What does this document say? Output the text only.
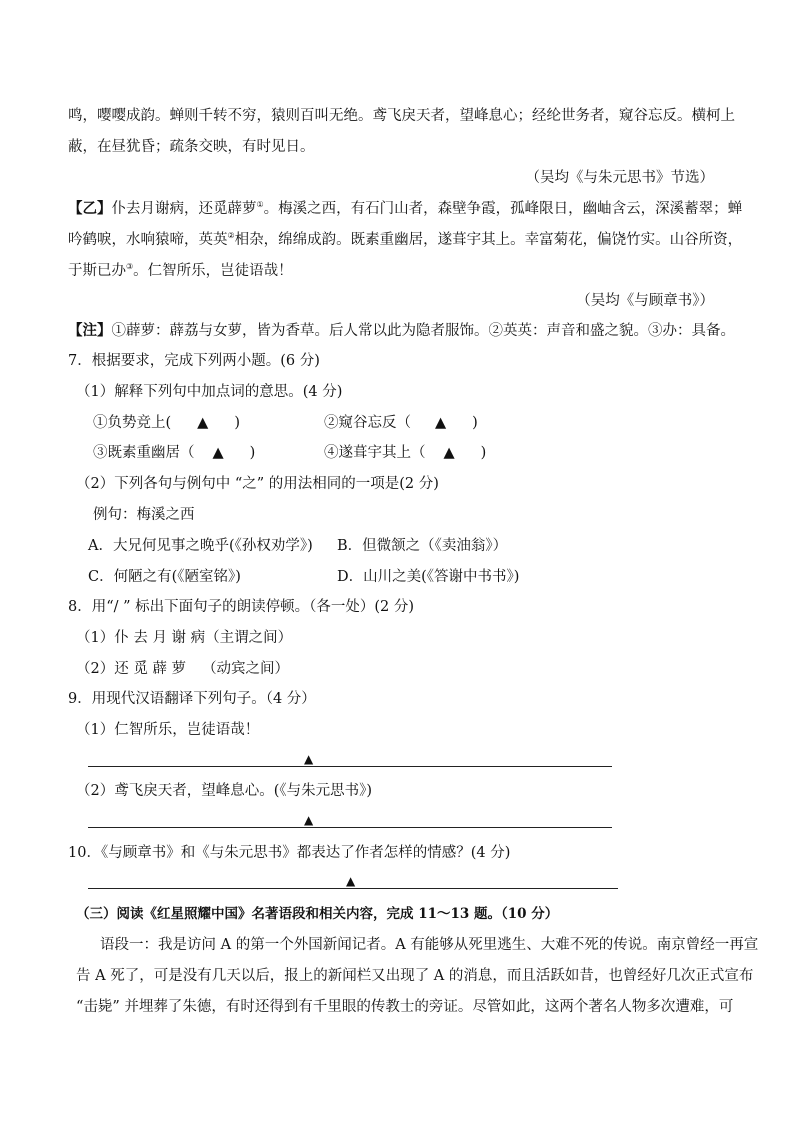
鸣，嘤嘤成韵。蝉则千转不穷，猿则百叫无绝。鸢飞戾天者，望峰息心；经纶世务者，窥谷忘反。横柯上
蔽，在昼犹昏；疏条交映，有时见日。
（吴均《与朱元思书》节选）
【乙】仆去月谢病，还觅薜萝①。梅溪之西，有石门山者，森壁争霞，孤峰限日，幽岫含云，深溪蓄翠；蝉
吟鹤唳，水响猿啼，英英②相杂，绵绵成韵。既素重幽居，遂葺宇其上。幸富菊花，偏饶竹实。山谷所资，
于斯已办③。仁智所乐，岂徒语哉！
（吴均《与顾章书》）
【注】①薜萝：薜荔与女萝，皆为香草。后人常以此为隐者服饰。②英英：声音和盛之貌。③办：具备。
7．根据要求，完成下列两小题。(6 分)
（1）解释下列句中加点词的意思。(4 分)
①负势竞上( ▲ )	②窥谷忘反（ ▲ )
③既素重幽居（ ▲ )	④遂葺宇其上（ ▲ )
（2）下列各句与例句中 “之” 的用法相同的一项是(2 分)
例句：梅溪之西
A．大兄何见事之晚乎(《孙权劝学》) B．但微颔之（《卖油翁》）
C．何陋之有(《陋室铭》)	D．山川之美(《答谢中书书》)
8．用“/ ” 标出下面句子的朗读停顿。（各一处）(2 分)
（1）仆 去 月 谢 病（主谓之间）
（2）还 觅 薜 萝 （动宾之间）
9．用现代汉语翻译下列句子。（4 分）
（1）仁智所乐，岂徒语哉！
▲
（2）鸢飞戾天者，望峰息心。(《与朱元思书》)
▲
10．《与顾章书》和《与朱元思书》都表达了作者怎样的情感？(4 分)
▲
（三）阅读《红星照耀中国》名著语段和相关内容，完成 11～13 题。（10 分）
语段一：我是访问 A 的第一个外国新闻记者。A 有能够从死里逃生、大难不死的传说。南京曾经一再宣
告 A 死了，可是没有几天以后，报上的新闻栏又出现了 A 的消息，而且活跃如昔，也曾经好几次正式宣布
“击毙” 并埋葬了朱德，有时还得到有千里眼的传教士的旁证。尽管如此，这两个著名人物多次遭难，可
